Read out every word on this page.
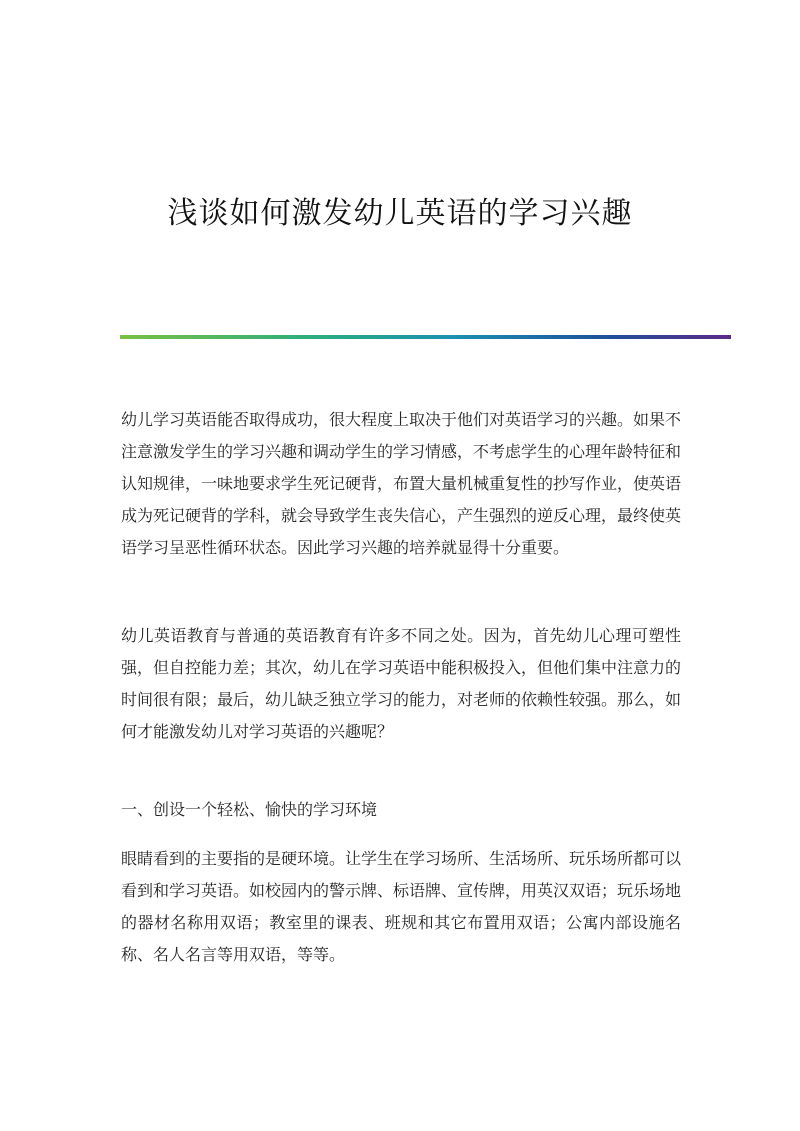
浅谈如何激发幼儿英语的学习兴趣

幼儿学习英语能否取得成功，很大程度上取决于他们对英语学习的兴趣。如果不注意激发学生的学习兴趣和调动学生的学习情感，不考虑学生的心理年龄特征和认知规律，一味地要求学生死记硬背，布置大量机械重复性的抄写作业，使英语成为死记硬背的学科，就会导致学生丧失信心，产生强烈的逆反心理，最终使英语学习呈恶性循环状态。因此学习兴趣的培养就显得十分重要。

幼儿英语教育与普通的英语教育有许多不同之处。因为，首先幼儿心理可塑性强，但自控能力差；其次，幼儿在学习英语中能积极投入，但他们集中注意力的时间很有限；最后，幼儿缺乏独立学习的能力，对老师的依赖性较强。那么，如何才能激发幼儿对学习英语的兴趣呢？

一、创设一个轻松、愉快的学习环境

眼睛看到的主要指的是硬环境。让学生在学习场所、生活场所、玩乐场所都可以看到和学习英语。如校园内的警示牌、标语牌、宣传牌，用英汉双语；玩乐场地的器材名称用双语；教室里的课表、班规和其它布置用双语；公寓内部设施名称、名人名言等用双语，等等。
